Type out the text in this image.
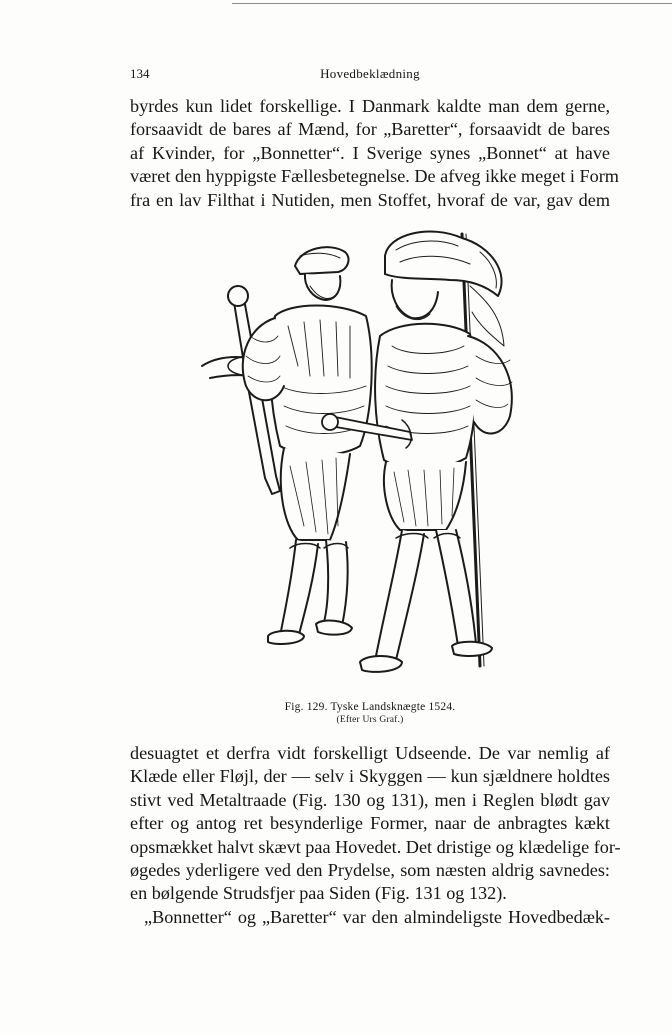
134	Hovedbeklædning
byrdes kun lidet forskellige. I Danmark kaldte man dem gerne,
forsaavidt de bares af Mænd, for „Baretter“, forsaavidt de bares
af Kvinder, for „Bonnetter“. I Sverige synes „Bonnet“ at have
været den hyppigste Fællesbetegnelse. De afveg ikke meget i Form
fra en lav Filthat i Nutiden, men Stoffet, hvoraf de var, gav dem
Fig. 129. Tyske Landsknægte 1524.
(Efter Urs Graf.)
desuagtet et derfra vidt forskelligt Udseende. De var nemlig af
Klæde eller Fløjl, der — selv i Skyggen — kun sjældnere holdtes
stivt ved Metaltraade (Fig. 130 og 131), men i Reglen blødt gav
efter og antog ret besynderlige Former, naar de anbragtes kækt
opsmækket halvt skævt paa Hovedet. Det dristige og klædelige for-
øgedes yderligere ved den Prydelse, som næsten aldrig savnedes:
en bølgende Strudsfjer paa Siden (Fig. 131 og 132).
„Bonnetter“ og „Baretter“ var den almindeligste Hovedbedæk-
